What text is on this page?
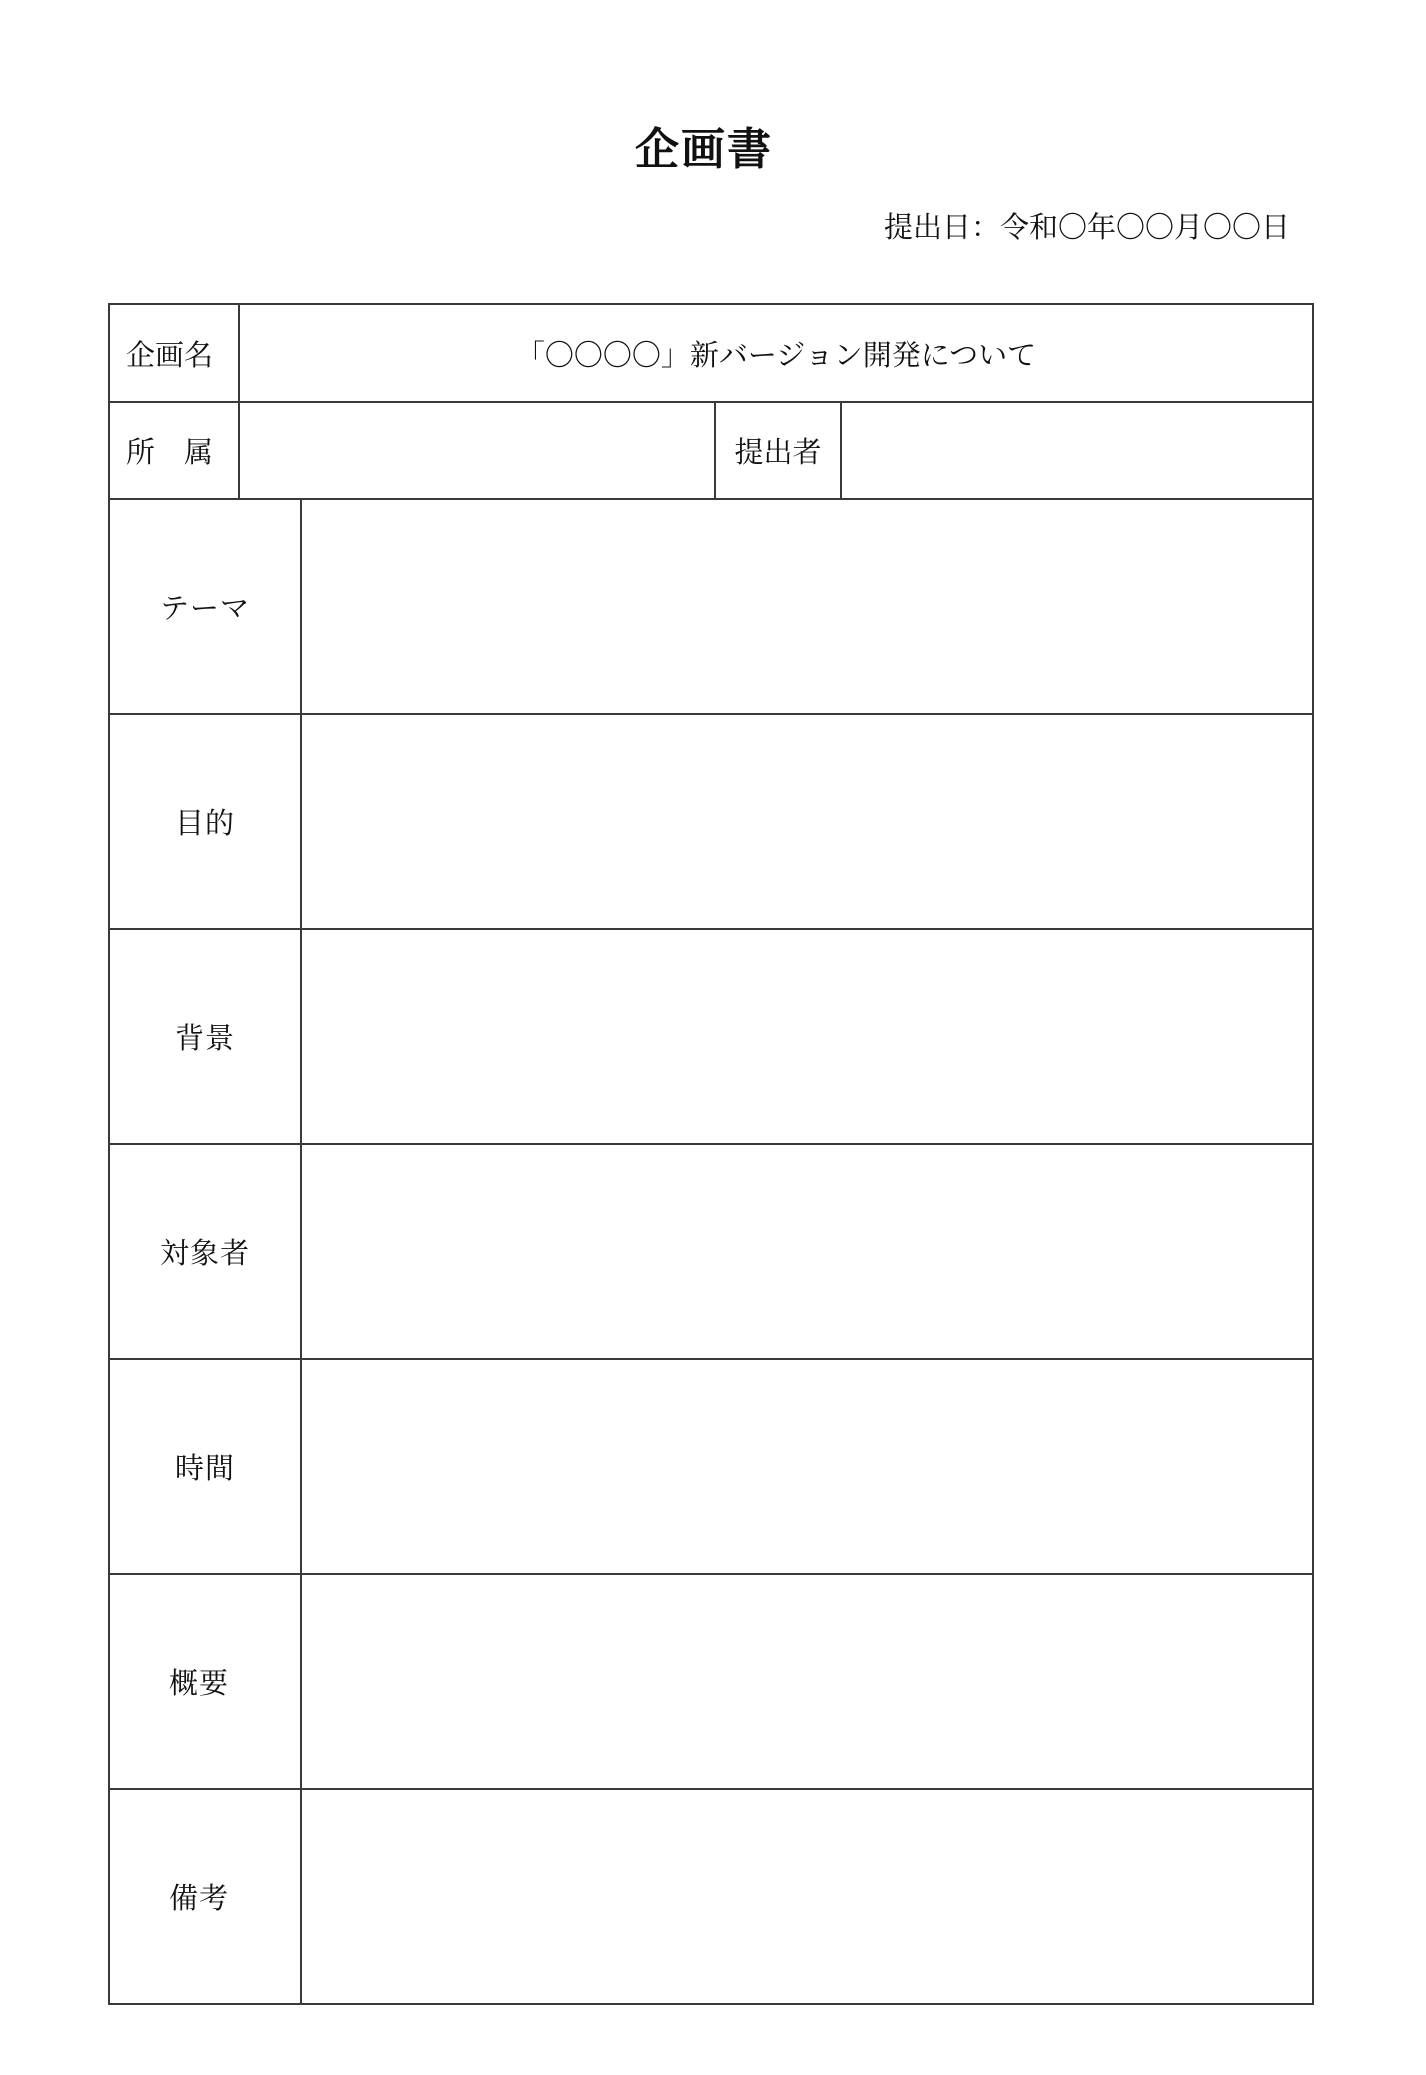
企画書
提出日：令和〇年〇〇月〇〇日
企画名	「〇〇〇〇」新バージョン開発について
所　属	提出者
テーマ
目的
背景
対象者
時間
概要
備考
